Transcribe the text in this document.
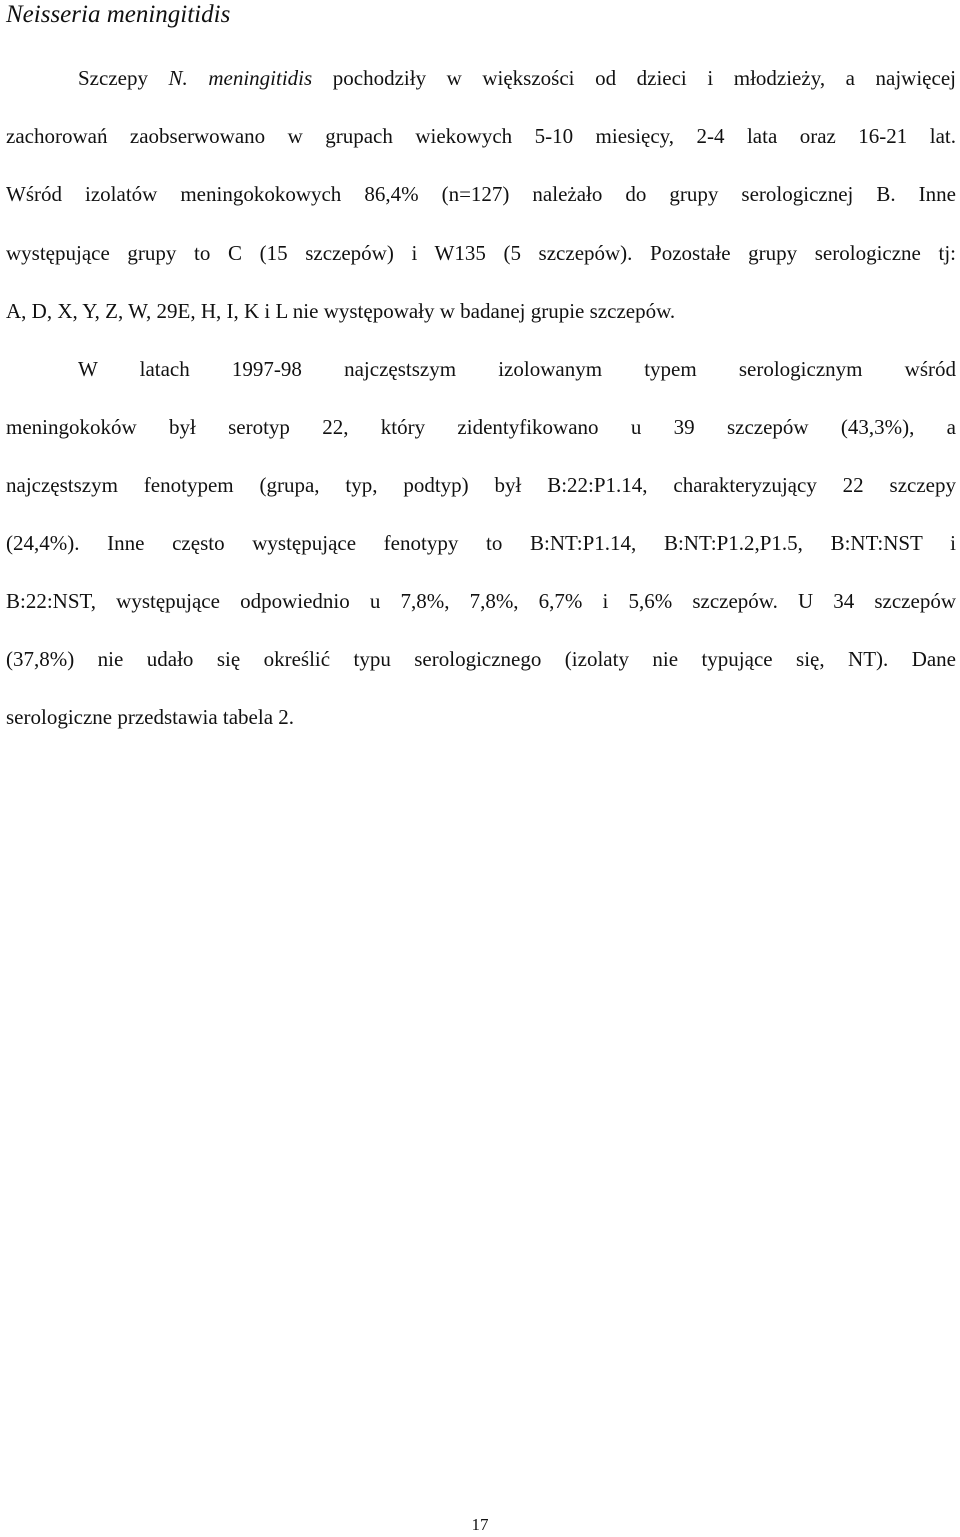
Neisseria meningitidis

Szczepy N. meningitidis pochodziły w większości od dzieci i młodzieży, a najwięcej

zachorowań zaobserwowano w grupach wiekowych 5-10 miesięcy, 2-4 lata oraz 16-21 lat.

Wśród izolatów meningokokowych 86,4% (n=127) należało do grupy serologicznej B. Inne

występujące grupy to C (15 szczepów) i W135 (5 szczepów). Pozostałe grupy serologiczne tj:

A, D, X, Y, Z, W, 29E, H, I, K i L nie występowały w badanej grupie szczepów.

W latach 1997-98 najczęstszym izolowanym typem serologicznym wśród

meningokoków był serotyp 22, który zidentyfikowano u 39 szczepów (43,3%), a

najczęstszym fenotypem (grupa, typ, podtyp) był B:22:P1.14, charakteryzujący 22 szczepy

(24,4%). Inne często występujące fenotypy to B:NT:P1.14, B:NT:P1.2,P1.5, B:NT:NST i

B:22:NST, występujące odpowiednio u 7,8%, 7,8%, 6,7% i 5,6% szczepów. U 34 szczepów

(37,8%) nie udało się określić typu serologicznego (izolaty nie typujące się, NT). Dane

serologiczne przedstawia tabela 2.

17
